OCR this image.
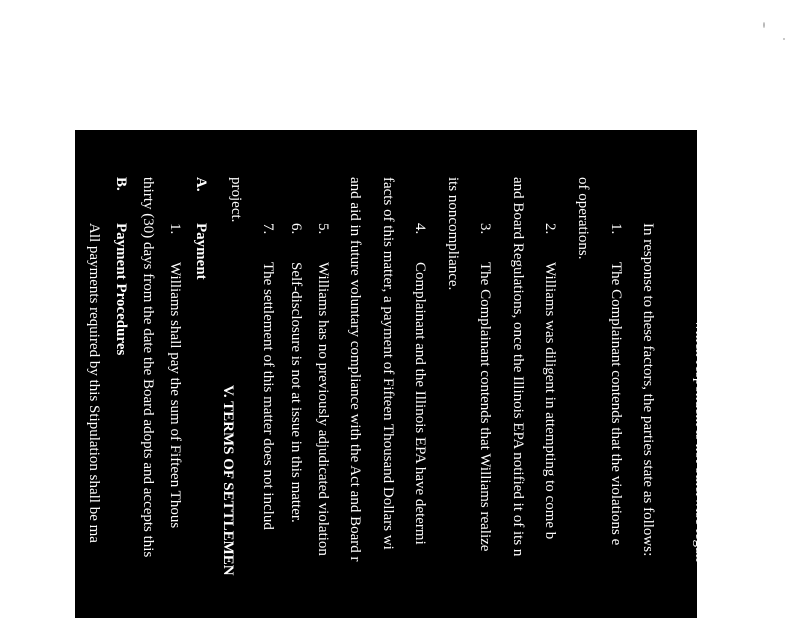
which respondent is not otherwise legall
In response to these factors, the parties state as follows:
1.
The Complainant contends that the violations e
of operations.
2.
Williams was diligent in attempting to come b
and Board Regulations, once the Illinois EPA notified it of its n
3.
The Complainant contends that Williams realize
its noncompliance.
4.
Complainant and the Illinois EPA have determi
facts of this matter, a payment of Fifteen Thousand Dollars wi
and aid in future voluntary compliance with the Act and Board r
5.
Williams has no previously adjudicated violation
6.
Self-disclosure is not at issue in this matter.
7.
The settlement of this matter does not includ
project.
V. TERMS OF SETTLEMEN
A.
Payment
1.
Williams shall pay the sum of Fifteen Thous
thirty (30) days from the date the Board adopts and accepts this
B.
Payment Procedures
All payments required by this Stipulation shall be ma
